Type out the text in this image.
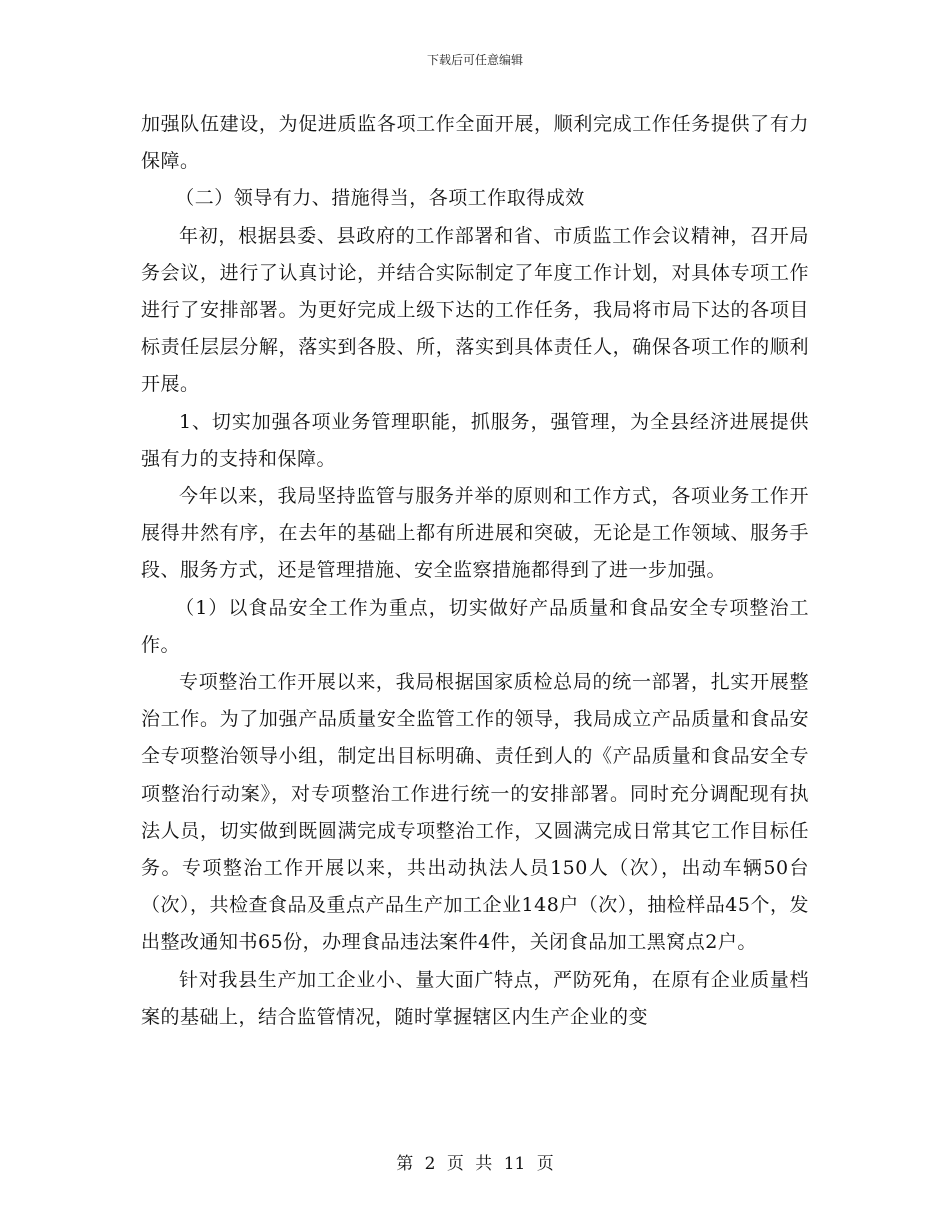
下载后可任意编辑

加强队伍建设，为促进质监各项工作全面开展，顺利完成工作任务提供了有力保障。

（二）领导有力、措施得当，各项工作取得成效

年初，根据县委、县政府的工作部署和省、市质监工作会议精神，召开局务会议，进行了认真讨论，并结合实际制定了年度工作计划，对具体专项工作进行了安排部署。为更好完成上级下达的工作任务，我局将市局下达的各项目标责任层层分解，落实到各股、所，落实到具体责任人，确保各项工作的顺利开展。

1、切实加强各项业务管理职能，抓服务，强管理，为全县经济进展提供强有力的支持和保障。

今年以来，我局坚持监管与服务并举的原则和工作方式，各项业务工作开展得井然有序，在去年的基础上都有所进展和突破，无论是工作领域、服务手段、服务方式，还是管理措施、安全监察措施都得到了进一步加强。

（1）以食品安全工作为重点，切实做好产品质量和食品安全专项整治工作。

专项整治工作开展以来，我局根据国家质检总局的统一部署，扎实开展整治工作。为了加强产品质量安全监管工作的领导，我局成立产品质量和食品安全专项整治领导小组，制定出目标明确、责任到人的《产品质量和食品安全专项整治行动案》，对专项整治工作进行统一的安排部署。同时充分调配现有执法人员，切实做到既圆满完成专项整治工作，又圆满完成日常其它工作目标任务。专项整治工作开展以来，共出动执法人员150人（次），出动车辆50台（次），共检查食品及重点产品生产加工企业148户（次），抽检样品45个，发出整改通知书65份，办理食品违法案件4件，关闭食品加工黑窝点2户。

针对我县生产加工企业小、量大面广特点，严防死角，在原有企业质量档案的基础上，结合监管情况，随时掌握辖区内生产企业的变

第 2 页 共 11 页
